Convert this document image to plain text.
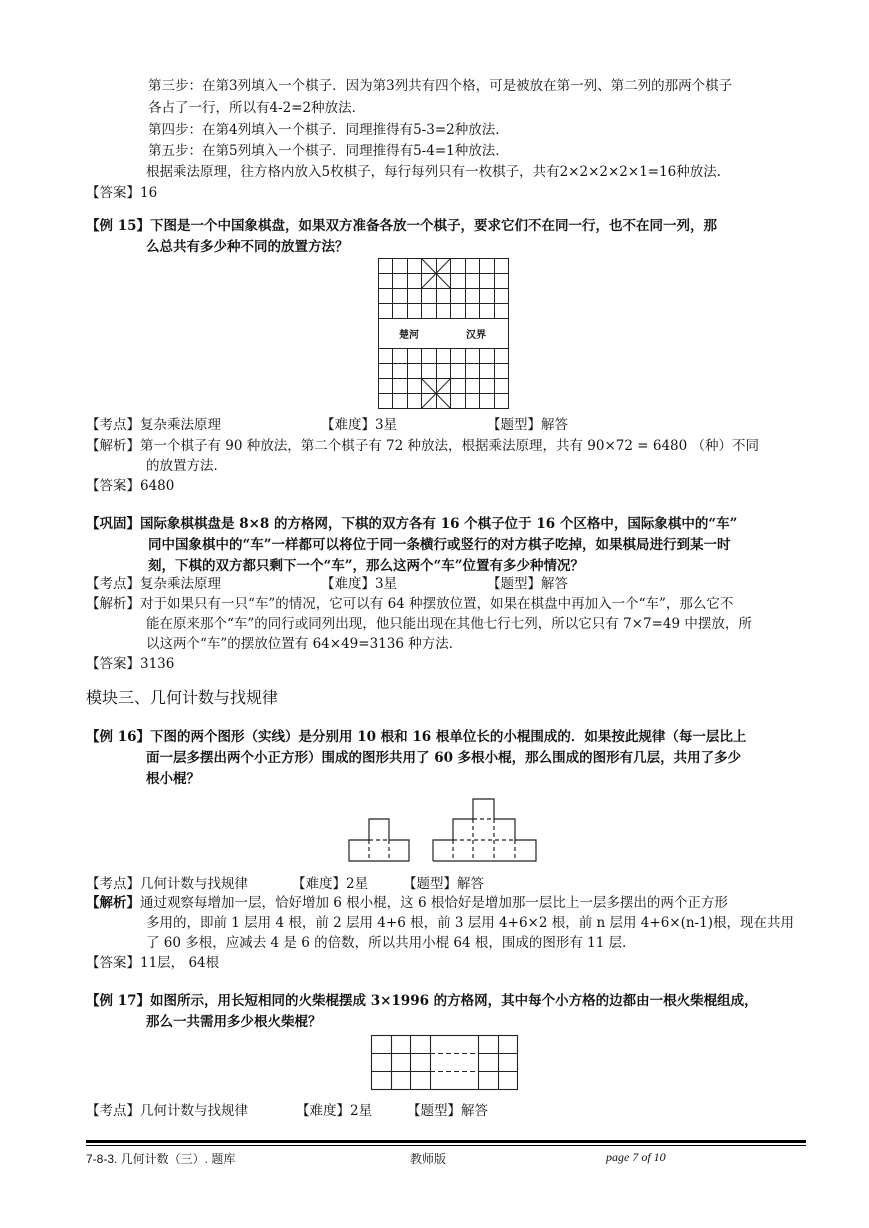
第三步：在第3列填入一个棋子．因为第3列共有四个格，可是被放在第一列、第二列的那两个棋子
各占了一行，所以有4-2=2种放法．
第四步：在第4列填入一个棋子．同理推得有5-3=2种放法．
第五步：在第5列填入一个棋子．同理推得有5-4=1种放法．
根据乘法原理，往方格内放入5枚棋子，每行每列只有一枚棋子，共有2×2×2×2×1=16种放法．
【答案】16
【例 15】下图是一个中国象棋盘，如果双方准备各放一个棋子，要求它们不在同一行，也不在同一列，那
么总共有多少种不同的放置方法？
楚河	汉界
【考点】复杂乘法原理	【难度】3星	【题型】解答
【解析】第一个棋子有 90 种放法，第二个棋子有 72 种放法，根据乘法原理，共有 90×72 = 6480 （种）不同
的放置方法．
【答案】6480
【巩固】国际象棋棋盘是 8×8 的方格网，下棋的双方各有 16 个棋子位于 16 个区格中，国际象棋中的“车”
同中国象棋中的“车”一样都可以将位于同一条横行或竖行的对方棋子吃掉，如果棋局进行到某一时
刻，下棋的双方都只剩下一个“车”，那么这两个“车”位置有多少种情况？
【考点】复杂乘法原理	【难度】3星	【题型】解答
【解析】对于如果只有一只“车”的情况，它可以有 64 种摆放位置，如果在棋盘中再加入一个“车”，那么它不
能在原来那个“车”的同行或同列出现，他只能出现在其他七行七列，所以它只有 7×7=49 中摆放，所
以这两个“车”的摆放位置有 64×49=3136 种方法．
【答案】3136
模块三、几何计数与找规律
【例 16】下图的两个图形（实线）是分别用 10 根和 16 根单位长的小棍围成的．如果按此规律（每一层比上
面一层多摆出两个小正方形）围成的图形共用了 60 多根小棍，那么围成的图形有几层，共用了多少
根小棍？
【考点】几何计数与找规律	【难度】2星	【题型】解答
【解析】通过观察每增加一层，恰好增加 6 根小棍，这 6 根恰好是增加那一层比上一层多摆出的两个正方形
多用的，即前 1 层用 4 根，前 2 层用 4+6 根，前 3 层用 4+6×2 根，前 n 层用 4+6×(n-1)根，现在共用
了 60 多根，应减去 4 是 6 的倍数，所以共用小棍 64 根，围成的图形有 11 层．
【答案】11层， 64根
【例 17】如图所示，用长短相同的火柴棍摆成 3×1996 的方格网，其中每个小方格的边都由一根火柴棍组成，
那么一共需用多少根火柴棍？
【考点】几何计数与找规律	【难度】2星	【题型】解答
7-8-3. 几何计数（三）. 题库	教师版	page 7 of 10
